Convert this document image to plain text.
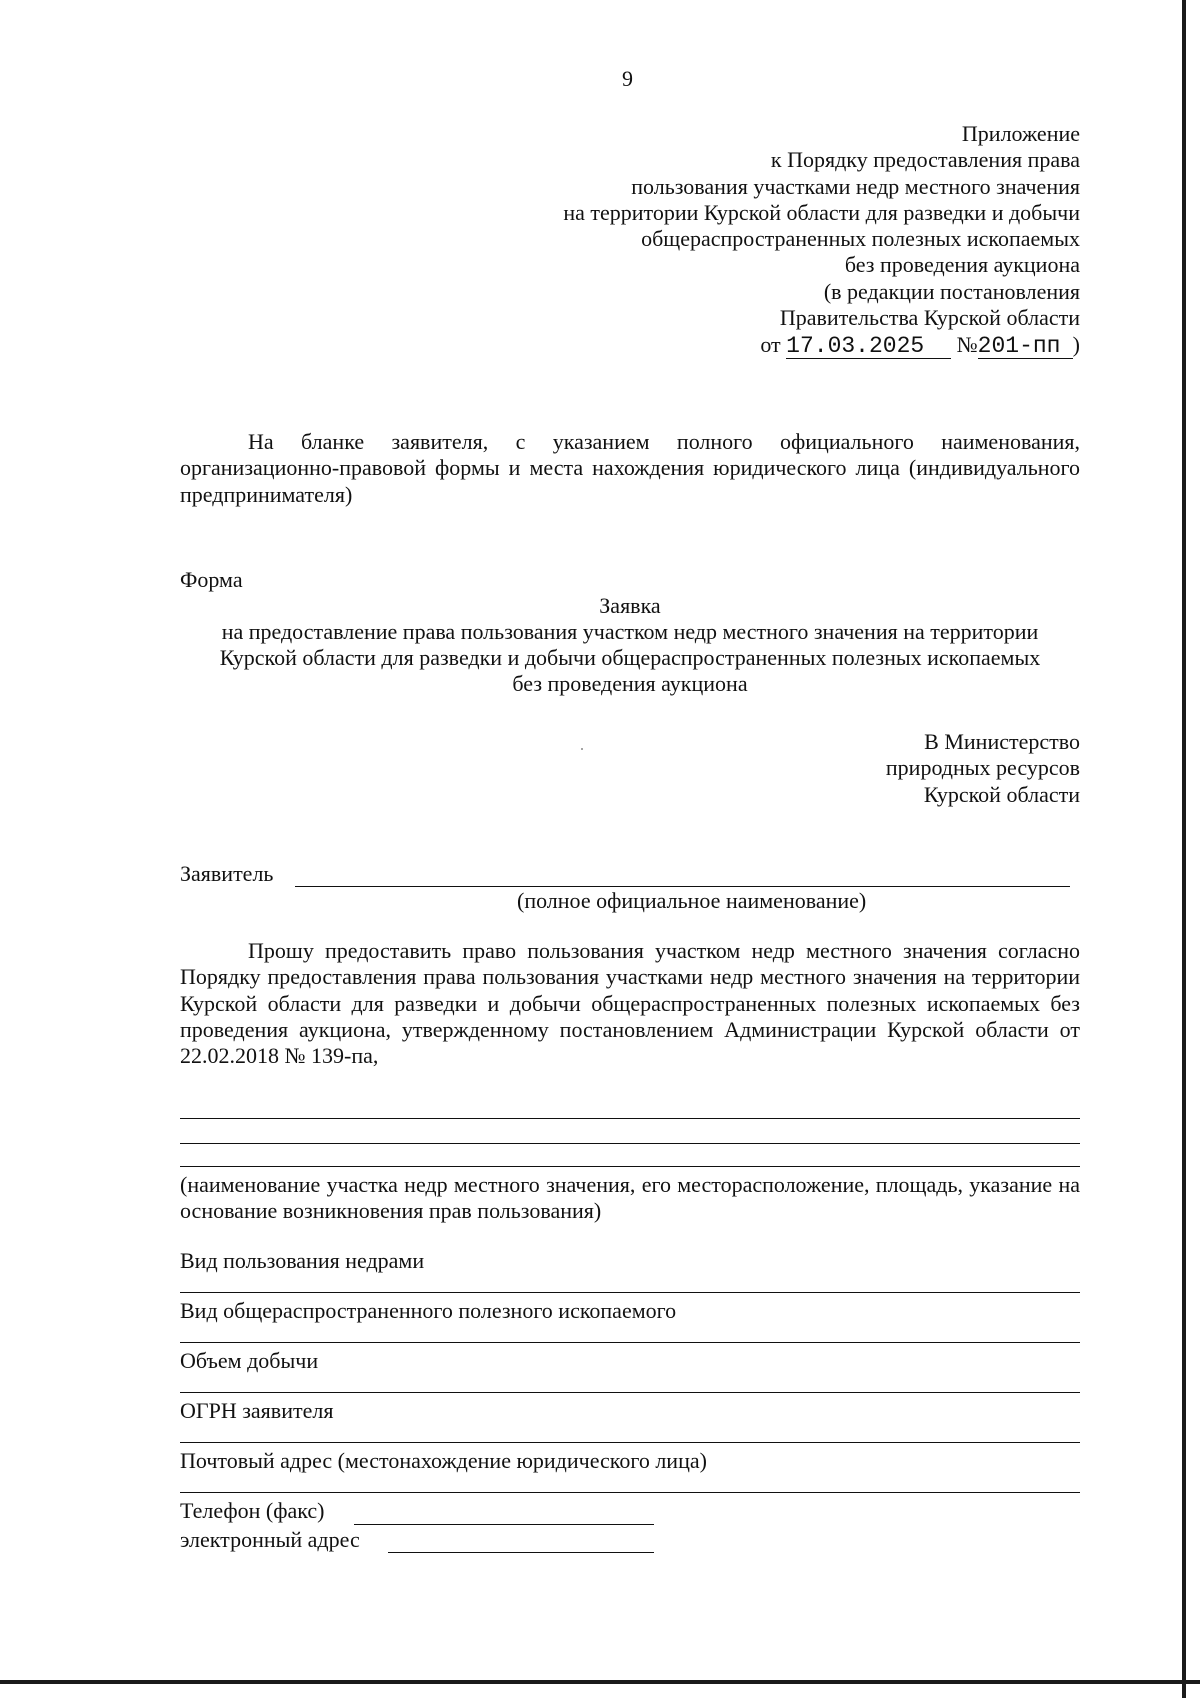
9
Приложение
к Порядку предоставления права
пользования участками недр местного значения
на территории Курской области для разведки и добычи
общераспространенных полезных ископаемых
без проведения аукциона
(в редакции постановления
Правительства Курской области
от 17.03.2025 №201-пп )
На бланке заявителя, с указанием полного официального наименования, организационно-правовой формы и места нахождения юридического лица (индивидуального предпринимателя)
Форма
Заявка
на предоставление права пользования участком недр местного значения на территории
Курской области для разведки и добычи общераспространенных полезных ископаемых
без проведения аукциона
В Министерство
природных ресурсов
Курской области
Заявитель
(полное официальное наименование)
Прошу предоставить право пользования участком недр местного значения согласно Порядку предоставления права пользования участками недр местного значения на территории Курской области для разведки и добычи общераспространенных полезных ископаемых без проведения аукциона, утвержденному постановлением Администрации Курской области от 22.02.2018 № 139-па,
(наименование участка недр местного значения, его месторасположение, площадь, указание на основание возникновения прав пользования)
Вид пользования недрами
Вид общераспространенного полезного ископаемого
Объем добычи
ОГРН заявителя
Почтовый адрес (местонахождение юридического лица)
Телефон (факс)
электронный адрес
